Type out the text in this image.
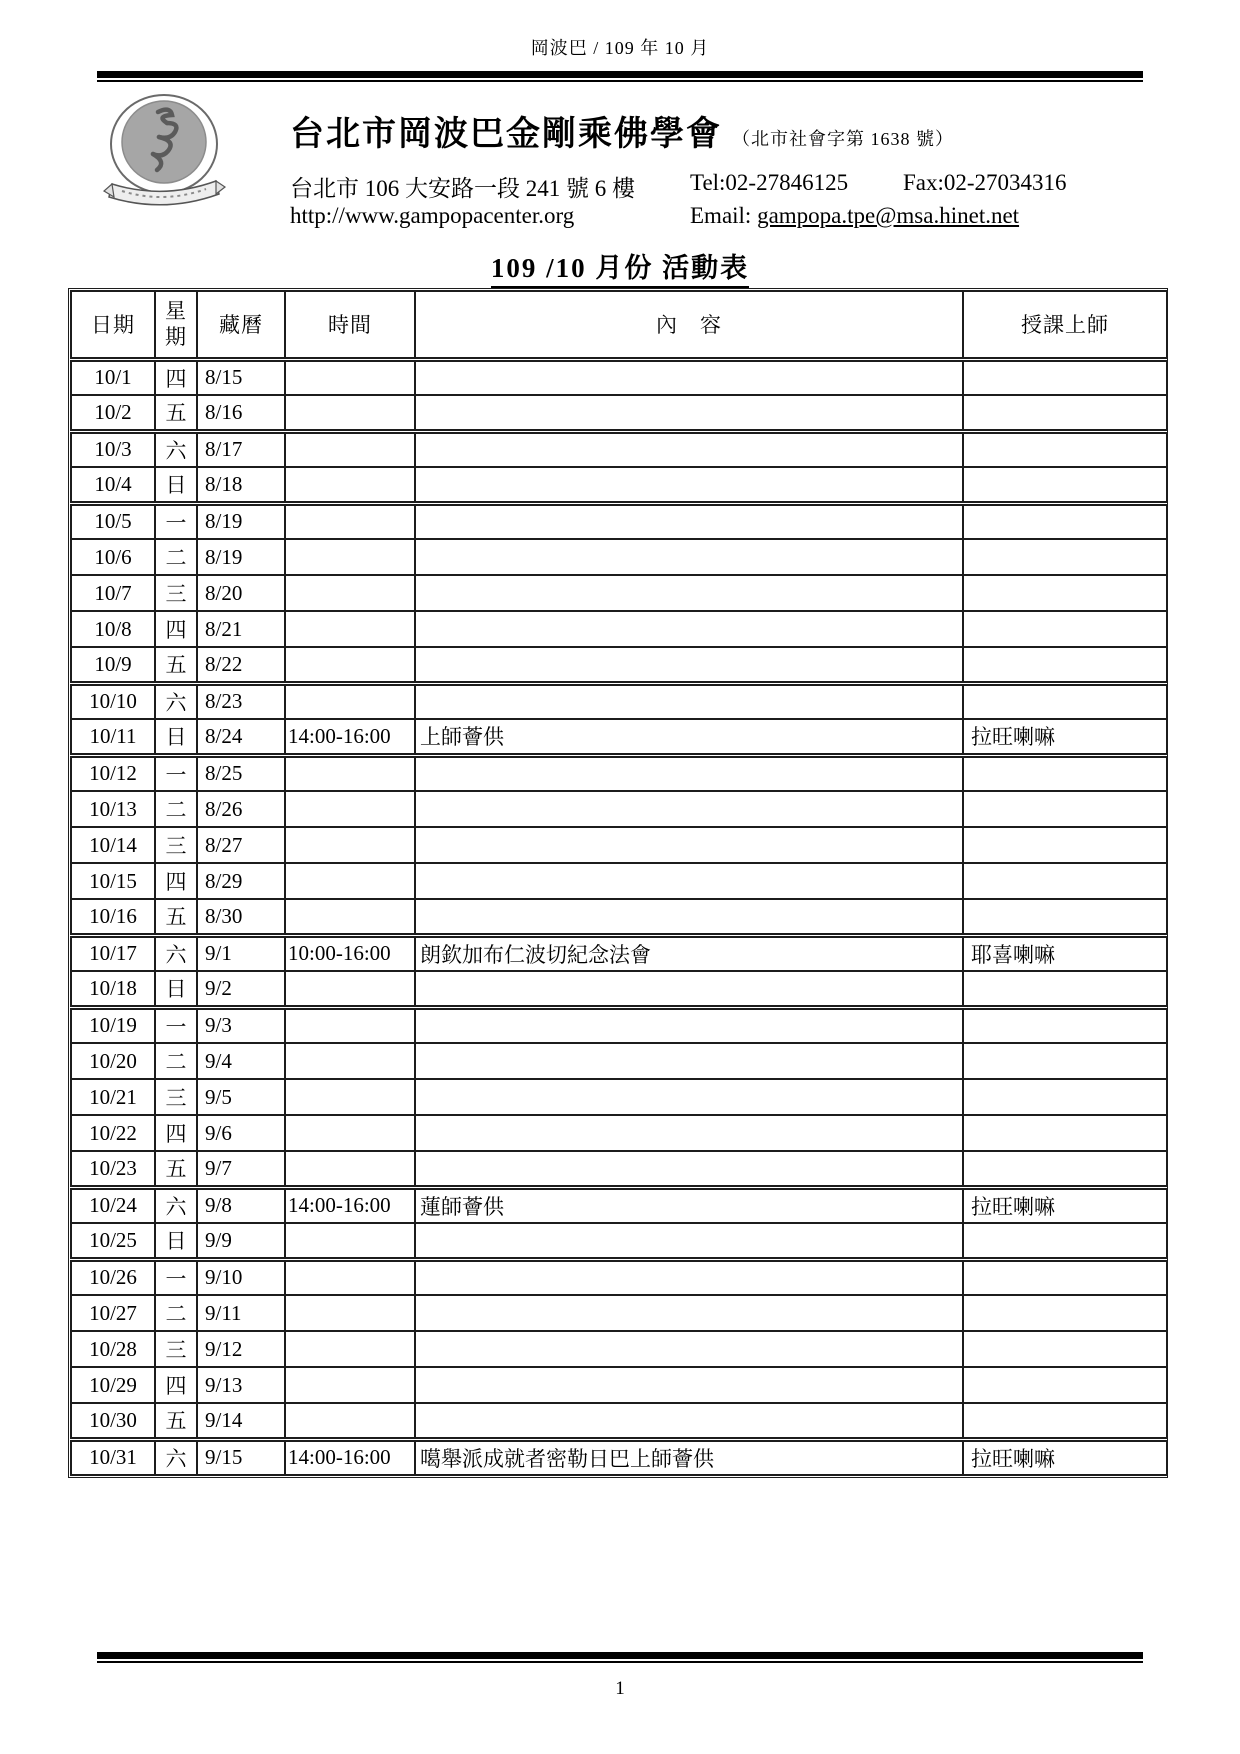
岡波巴 / 109 年 10 月
台北市岡波巴金剛乘佛學會 （北市社會字第 1638 號）
台北市 106 大安路一段 241 號 6 樓 Tel:02-27846125 Fax:02-27034316
http://www.gampopacenter.org	Email: gampopa.tpe@msa.hinet.net
109 /10 月份 活動表
日期	星期	藏曆	時間	內　容	授課上師
10/1	四	8/15			
10/2	五	8/16			
10/3	六	8/17			
10/4	日	8/18			
10/5	一	8/19			
10/6	二	8/19			
10/7	三	8/20			
10/8	四	8/21			
10/9	五	8/22			
10/10	六	8/23			
10/11	日	8/24	14:00-16:00	上師薈供	拉旺喇嘛
10/12	一	8/25			
10/13	二	8/26			
10/14	三	8/27			
10/15	四	8/29			
10/16	五	8/30			
10/17	六	9/1	10:00-16:00	朗欽加布仁波切紀念法會	耶喜喇嘛
10/18	日	9/2			
10/19	一	9/3			
10/20	二	9/4			
10/21	三	9/5			
10/22	四	9/6			
10/23	五	9/7			
10/24	六	9/8	14:00-16:00	蓮師薈供	拉旺喇嘛
10/25	日	9/9			
10/26	一	9/10			
10/27	二	9/11			
10/28	三	9/12			
10/29	四	9/13			
10/30	五	9/14			
10/31	六	9/15	14:00-16:00	噶舉派成就者密勒日巴上師薈供	拉旺喇嘛
1
